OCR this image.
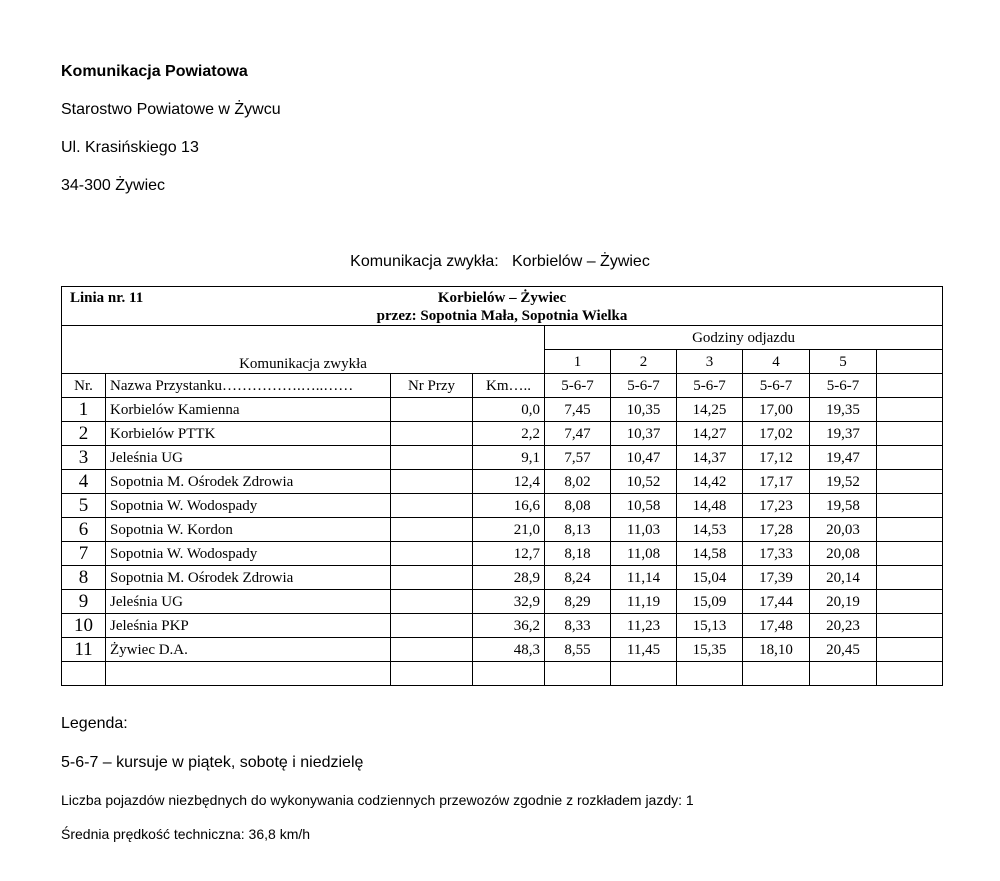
Komunikacja Powiatowa
Starostwo Powiatowe w Żywcu
Ul. Krasińskiego 13
34-300 Żywiec
Komunikacja zwykła:   Korbielów – Żywiec
Linia nr. 11 Korbielów – Żywiec
przez: Sopotnia Mała, Sopotnia Wielka									

Komunikacja zwykła				Godziny odjazdu					
				1	2	3	4	5	
Nr.	Nazwa Przystanku…………….…..……	Nr Przy	Km…..	5-6-7	5-6-7	5-6-7	5-6-7	5-6-7	
1	Korbielów Kamienna		0,0	7,45	10,35	14,25	17,00	19,35	
2	Korbielów PTTK		2,2	7,47	10,37	14,27	17,02	19,37	
3	Jeleśnia UG		9,1	7,57	10,47	14,37	17,12	19,47	
4	Sopotnia M. Ośrodek Zdrowia		12,4	8,02	10,52	14,42	17,17	19,52	
5	Sopotnia W. Wodospady		16,6	8,08	10,58	14,48	17,23	19,58	
6	Sopotnia W. Kordon		21,0	8,13	11,03	14,53	17,28	20,03	
7	Sopotnia W. Wodospady		12,7	8,18	11,08	14,58	17,33	20,08	
8	Sopotnia M. Ośrodek Zdrowia		28,9	8,24	11,14	15,04	17,39	20,14	
9	Jeleśnia UG		32,9	8,29	11,19	15,09	17,44	20,19	
10	Jeleśnia PKP		36,2	8,33	11,23	15,13	17,48	20,23	
11	Żywiec D.A.		48,3	8,55	11,45	15,35	18,10	20,45	

Legenda:
5-6-7 – kursuje w piątek, sobotę i niedzielę
Liczba pojazdów niezbędnych do wykonywania codziennych przewozów zgodnie z rozkładem jazdy: 1
Średnia prędkość techniczna: 36,8 km/h
